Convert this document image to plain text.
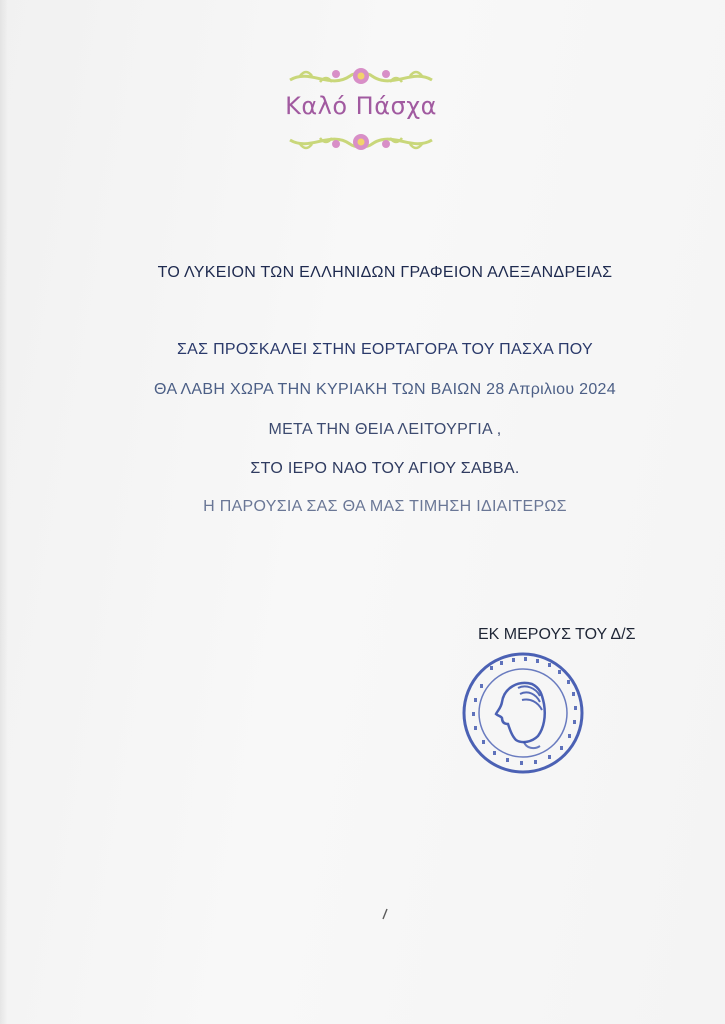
Καλό Πάσχα
ΤΟ ΛΥΚΕΙΟΝ ΤΩΝ ΕΛΛΗΝΙΔΩΝ ΓΡΑΦΕΙΟΝ ΑΛΕΞΑΝΔΡΕΙΑΣ
ΣΑΣ ΠΡΟΣΚΑΛΕΙ ΣΤΗΝ ΕΟΡΤΑΓΟΡΑ ΤΟΥ ΠΑΣΧΑ ΠΟΥ
ΘΑ ΛΑΒΗ ΧΩΡΑ ΤΗΝ ΚΥΡΙΑΚΗ ΤΩΝ ΒΑΙΩΝ 28 Απριλιου 2024
ΜΕΤΑ ΤΗΝ ΘΕΙΑ ΛΕΙΤΟΥΡΓΙΑ ,
ΣΤΟ ΙΕΡΟ ΝΑΟ ΤΟΥ ΑΓΙΟΥ ΣΑΒΒΑ.
Η ΠΑΡΟΥΣΙΑ ΣΑΣ ΘΑ ΜΑΣ ΤΙΜΗΣΗ ΙΔΙΑΙΤΕΡΩΣ
ΕΚ ΜΕΡΟΥΣ ΤΟΥ Δ/Σ
